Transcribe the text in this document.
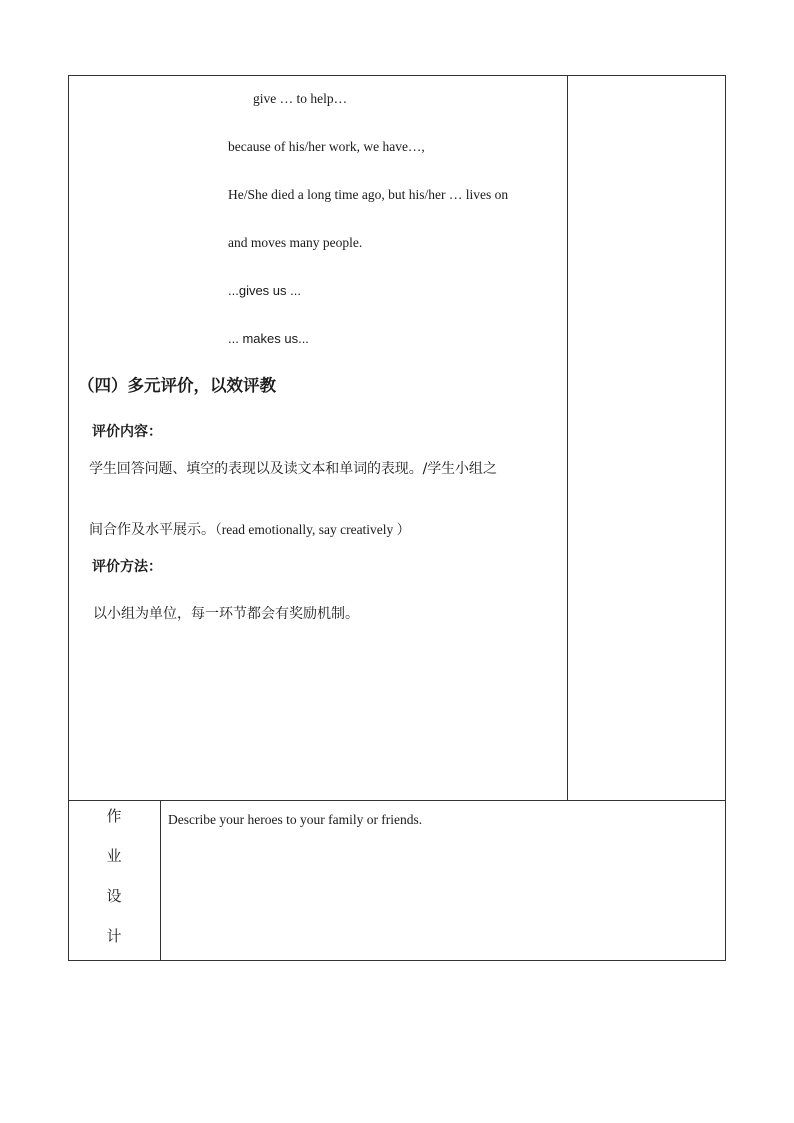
give … to help…
because of his/her work, we have…,
He/She died a long time ago, but his/her … lives on
and moves many people.
...gives us ...
... makes us...
（四）多元评价，以效评教
评价内容：
学生回答问题、填空的表现以及读文本和单词的表现。/学生小组之
间合作及水平展示。（read emotionally, say creatively ）
评价方法：
以小组为单位，每一环节都会有奖励机制。
作
业
设
计
Describe your heroes to your family or friends.
